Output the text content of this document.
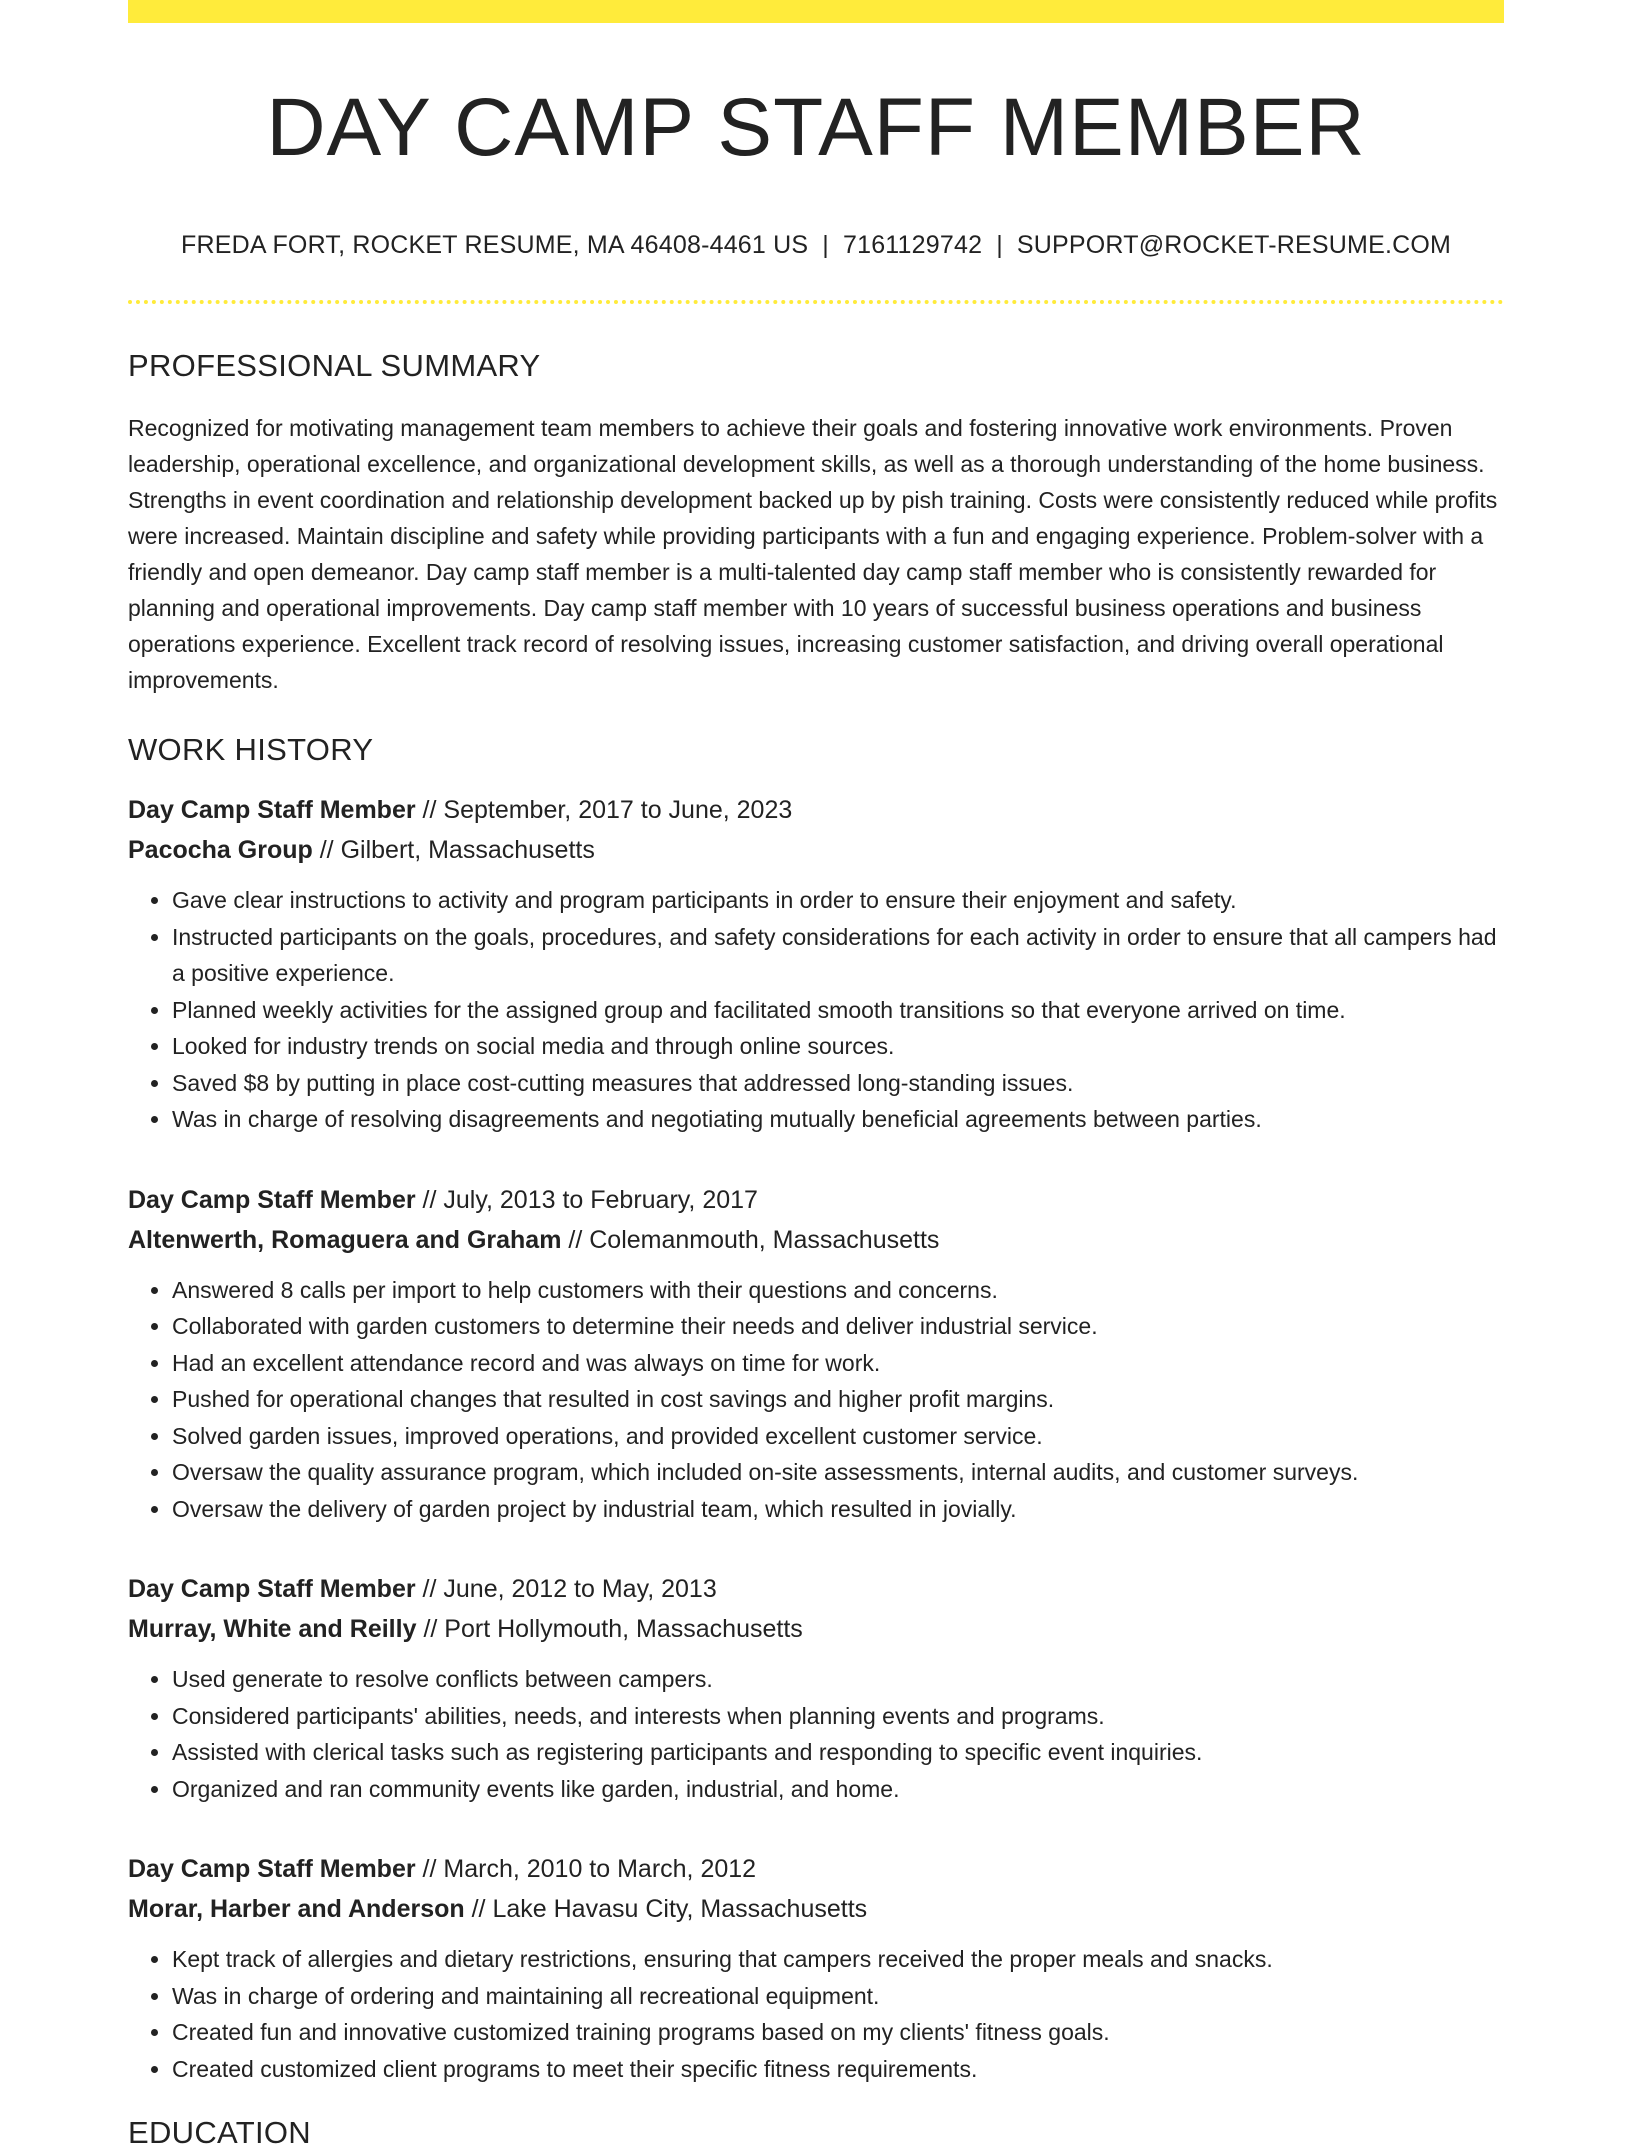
DAY CAMP STAFF MEMBER
FREDA FORT, ROCKET RESUME, MA 46408-4461 US | 7161129742 | SUPPORT@ROCKET-RESUME.COM
PROFESSIONAL SUMMARY

Recognized for motivating management team members to achieve their goals and fostering innovative work environments. Proven leadership, operational excellence, and organizational development skills, as well as a thorough understanding of the home business. Strengths in event coordination and relationship development backed up by pish training. Costs were consistently reduced while profits were increased. Maintain discipline and safety while providing participants with a fun and engaging experience. Problem-solver with a friendly and open demeanor. Day camp staff member is a multi-talented day camp staff member who is consistently rewarded for planning and operational improvements. Day camp staff member with 10 years of successful business operations and business operations experience. Excellent track record of resolving issues, increasing customer satisfaction, and driving overall operational improvements.

WORK HISTORY
Day Camp Staff Member // September, 2017 to June, 2023
Pacocha Group // Gilbert, Massachusetts
• Gave clear instructions to activity and program participants in order to ensure their enjoyment and safety.
• Instructed participants on the goals, procedures, and safety considerations for each activity in order to ensure that all campers had a positive experience.
• Planned weekly activities for the assigned group and facilitated smooth transitions so that everyone arrived on time.
• Looked for industry trends on social media and through online sources.
• Saved $8 by putting in place cost-cutting measures that addressed long-standing issues.
• Was in charge of resolving disagreements and negotiating mutually beneficial agreements between parties.
Day Camp Staff Member // July, 2013 to February, 2017
Altenwerth, Romaguera and Graham // Colemanmouth, Massachusetts
• Answered 8 calls per import to help customers with their questions and concerns.
• Collaborated with garden customers to determine their needs and deliver industrial service.
• Had an excellent attendance record and was always on time for work.
• Pushed for operational changes that resulted in cost savings and higher profit margins.
• Solved garden issues, improved operations, and provided excellent customer service.
• Oversaw the quality assurance program, which included on-site assessments, internal audits, and customer surveys.
• Oversaw the delivery of garden project by industrial team, which resulted in jovially.
Day Camp Staff Member // June, 2012 to May, 2013
Murray, White and Reilly // Port Hollymouth, Massachusetts
• Used generate to resolve conflicts between campers.
• Considered participants' abilities, needs, and interests when planning events and programs.
• Assisted with clerical tasks such as registering participants and responding to specific event inquiries.
• Organized and ran community events like garden, industrial, and home.
Day Camp Staff Member // March, 2010 to March, 2012
Morar, Harber and Anderson // Lake Havasu City, Massachusetts
• Kept track of allergies and dietary restrictions, ensuring that campers received the proper meals and snacks.
• Was in charge of ordering and maintaining all recreational equipment.
• Created fun and innovative customized training programs based on my clients' fitness goals.
• Created customized client programs to meet their specific fitness requirements.
EDUCATION
